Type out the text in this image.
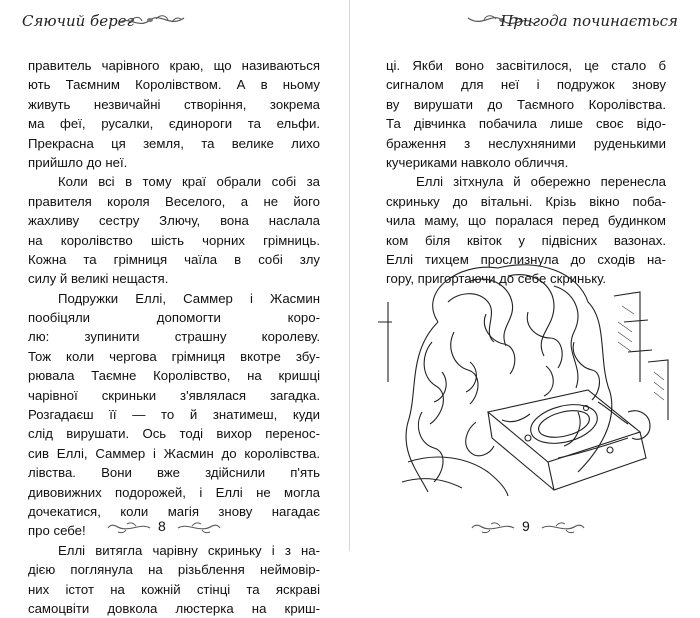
Сяючий берег
правитель чарівного краю, що називаються
ють Таємним Королівством. А в ньому
живуть незвичайні створіння, зокрема
ма феї, русалки, єдинороги та ельфи.
Прекрасна ця земля, та велике лихо
прийшло до неї.
Коли всі в тому краї обрали собі за
правителя короля Веселого, а не його
жахливу сестру Злючу, вона наслала
на королівство шість чорних грімниць.
Кожна та грімниця чаїла в собі злу
силу й великі нещастя.
Подружки Еллі, Саммер і Жасмин
пообіцяли допомогти коро-
лю: зупинити страшну королеву.
Тож коли чергова грімниця вкотре збу-
рювала Таємне Королівство, на кришці
чарівної скриньки з'являлася загадка.
Розгадаєш її — то й знатимеш, куди
слід вирушати. Ось тоді вихор перенос-
сив Еллі, Саммер і Жасмин до королівства.
лівства. Вони вже здійснили п'ять
дивовижних подорожей, і Еллі не могла
дочекатися, коли магія знову нагадає
про себе!
Еллі витягла чарівну скриньку і з на-
дією поглянула на різьблення неймовір-
них істот на кожній стінці та яскраві
самоцвіти довкола люстерка на криш-
8
Пригода починається
ці. Якби воно засвітилося, це стало б
сигналом для неї і подружок знову
ву вирушати до Таємного Королівства.
Та дівчинка побачила лише своє відо-
браження з неслухняними руденькими
кучериками навколо обличчя.
Еллі зітхнула й обережно перенесла
скриньку до вітальні. Крізь вікно поба-
чила маму, що поралася перед будинком
ком біля квіток у підвісних вазонах.
Еллі тихцем прослизнула до сходів на-
гору, пригортаючи до себе скриньку.
9
